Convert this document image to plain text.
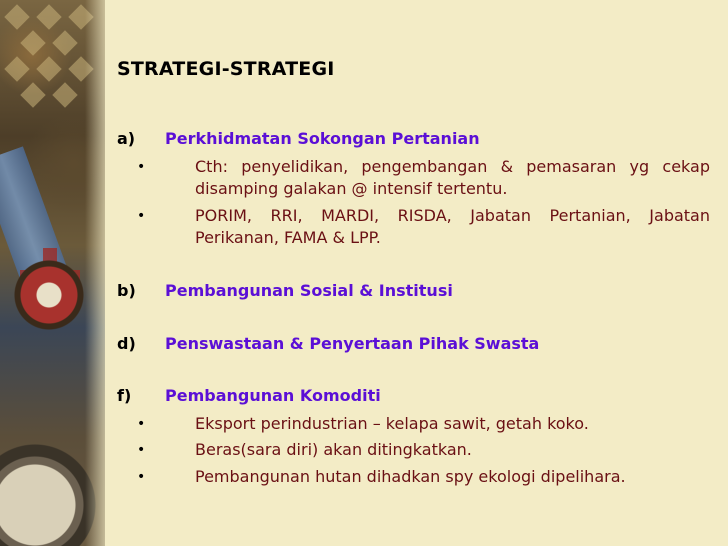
STRATEGI-STRATEGI
a) Perkhidmatan Sokongan Pertanian
•	Cth: penyelidikan, pengembangan & pemasaran yg cekap disamping galakan @ intensif tertentu.
•	PORIM, RRI, MARDI, RISDA, Jabatan Pertanian, Jabatan Perikanan, FAMA & LPP.
b) Pembangunan Sosial & Institusi
d) Penswastaan & Penyertaan Pihak Swasta
f) Pembangunan Komoditi
•	Eksport perindustrian – kelapa sawit, getah koko.
•	Beras(sara diri) akan ditingkatkan.
•	Pembangunan hutan dihadkan spy ekologi dipelihara.
